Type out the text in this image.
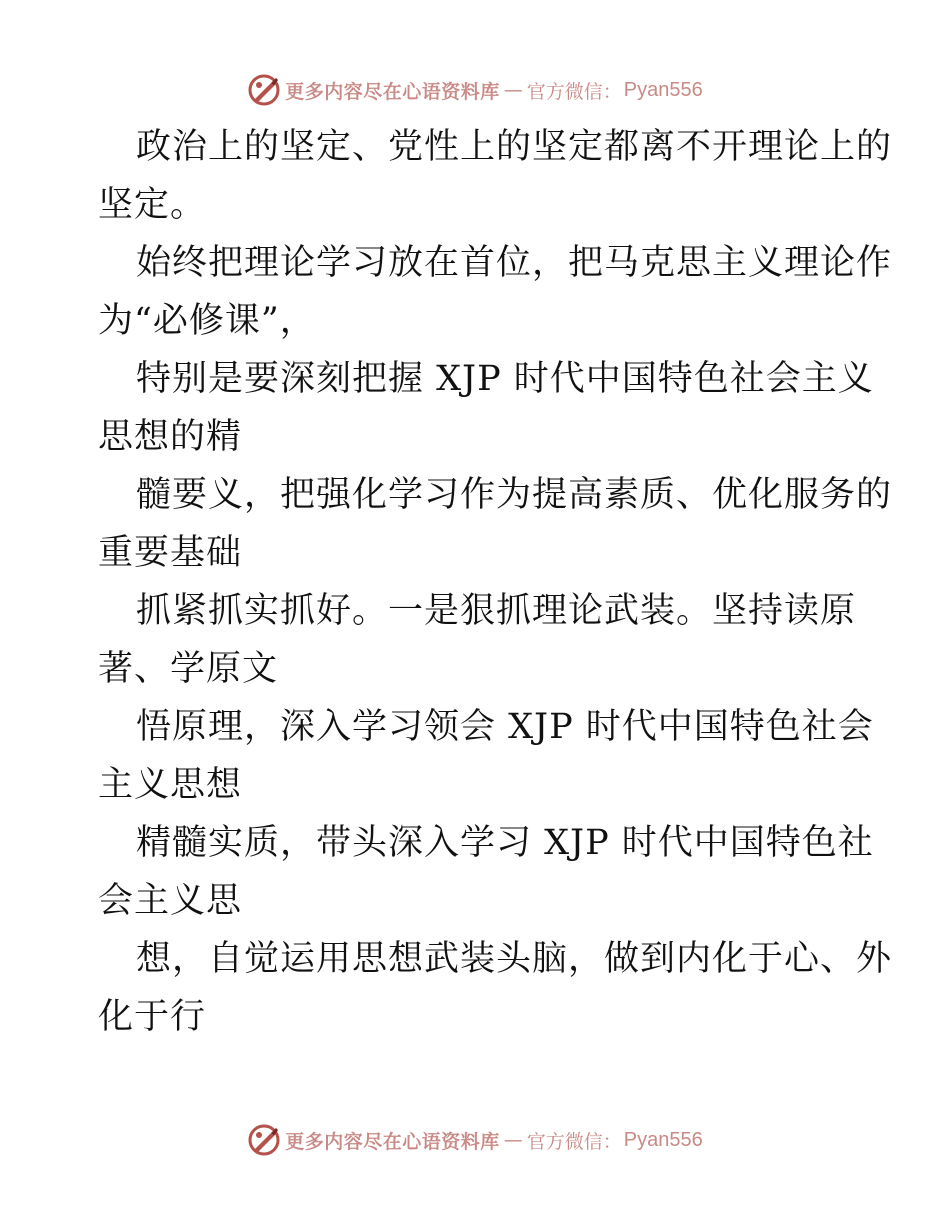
更多内容尽在心语资料库 — 官方微信： Pyan556

政治上的坚定、党性上的坚定都离不开理论上的
坚定。

始终把理论学习放在首位，把马克思主义理论作
为“必修课”，

特别是要深刻把握 XJP 时代中国特色社会主义
思想的精

髓要义，把强化学习作为提高素质、优化服务的
重要基础

抓紧抓实抓好。一是狠抓理论武装。坚持读原
著、学原文

悟原理，深入学习领会 XJP 时代中国特色社会
主义思想

精髓实质，带头深入学习 XJP 时代中国特色社
会主义思

想，自觉运用思想武装头脑，做到内化于心、外
化于行

更多内容尽在心语资料库 — 官方微信： Pyan556
